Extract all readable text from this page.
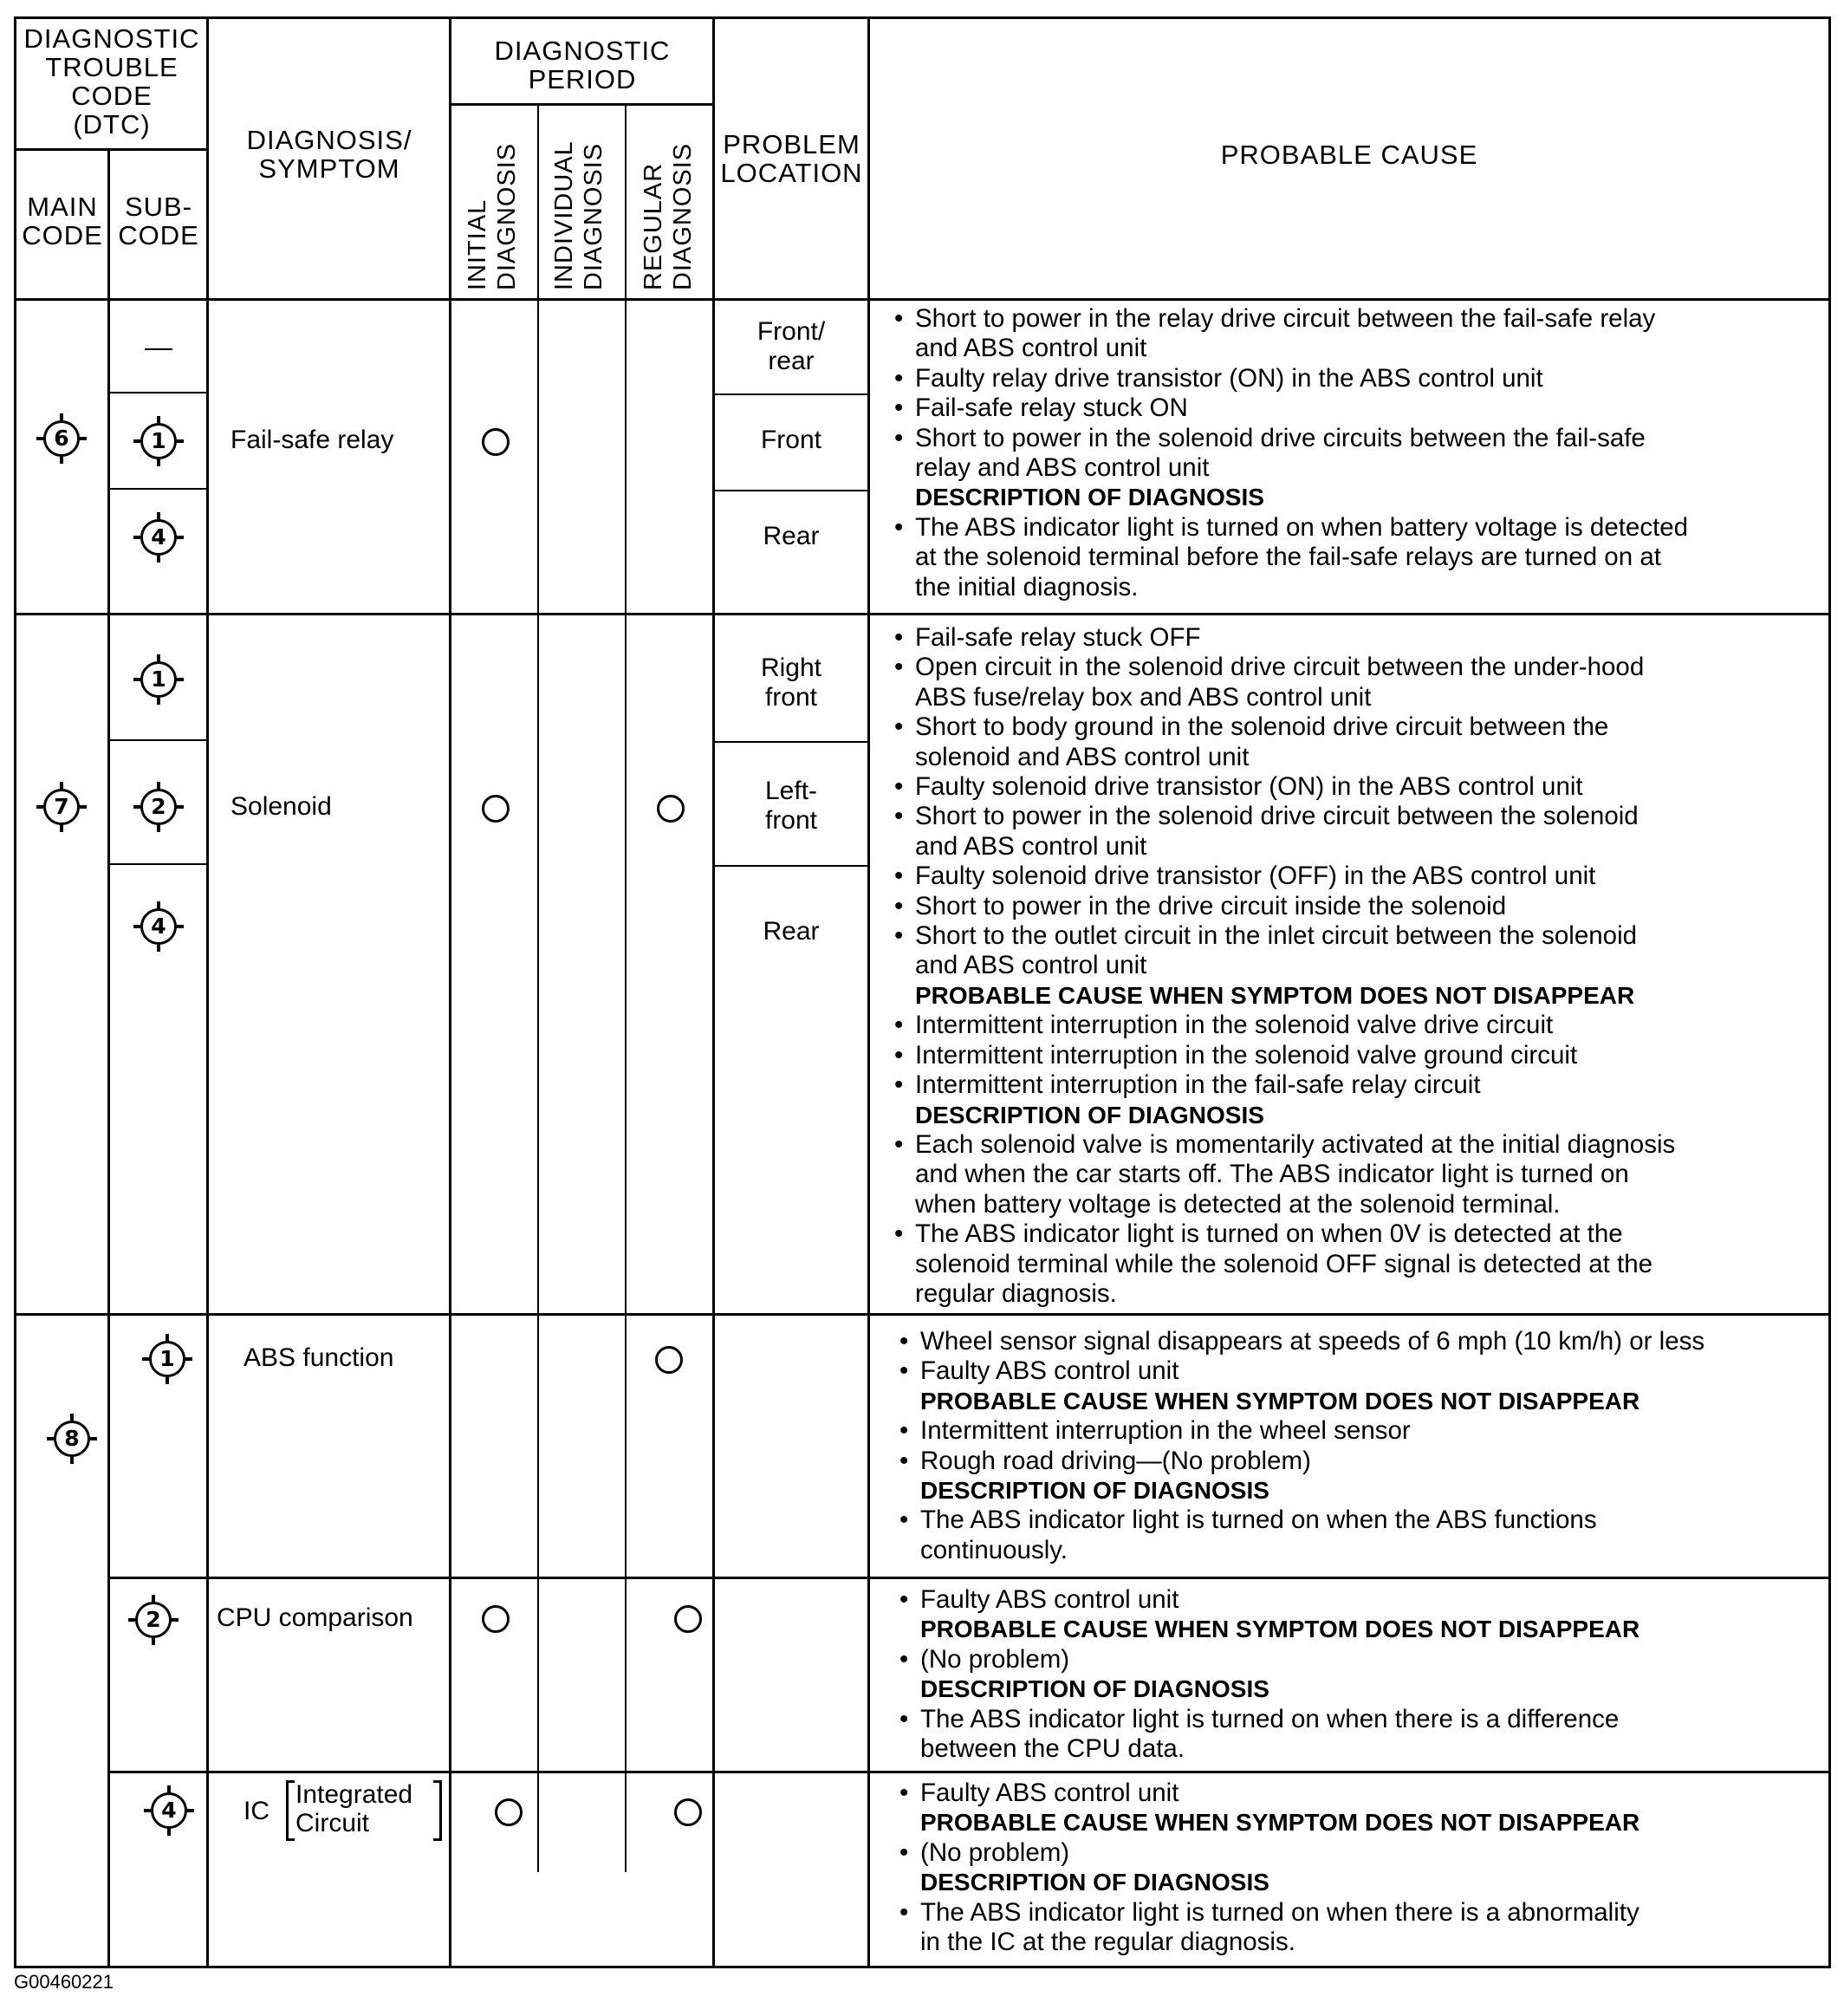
DIAGNOSTIC
TROUBLE
CODE
(DTC)
MAIN
CODE
SUB-
CODE
DIAGNOSIS/
SYMPTOM
DIAGNOSTIC
PERIOD
INITIAL DIAGNOSIS INDIVIDUAL DIAGNOSIS REGULAR DIAGNOSIS PROBLEM
LOCATION
PROBABLE CAUSE
6
7
8
—
1
4
1
2
4
1
2
4
Fail-safe relay
Solenoid
ABS function
CPU comparison
IC
Integrated
Circuit
Front/
rear
Front
Rear
Right
front
Left-
front
Rear
• Short to power in the relay drive circuit between the fail-safe relay
and ABS control unit
• Faulty relay drive transistor (ON) in the ABS control unit
• Fail-safe relay stuck ON
• Short to power in the solenoid drive circuits between the fail-safe
relay and ABS control unit
DESCRIPTION OF DIAGNOSIS
• The ABS indicator light is turned on when battery voltage is detected
at the solenoid terminal before the fail-safe relays are turned on at
the initial diagnosis.
• Fail-safe relay stuck OFF
• Open circuit in the solenoid drive circuit between the under-hood
ABS fuse/relay box and ABS control unit
• Short to body ground in the solenoid drive circuit between the
solenoid and ABS control unit
• Faulty solenoid drive transistor (ON) in the ABS control unit
• Short to power in the solenoid drive circuit between the solenoid
and ABS control unit
• Faulty solenoid drive transistor (OFF) in the ABS control unit
• Short to power in the drive circuit inside the solenoid
• Short to the outlet circuit in the inlet circuit between the solenoid
and ABS control unit
PROBABLE CAUSE WHEN SYMPTOM DOES NOT DISAPPEAR
• Intermittent interruption in the solenoid valve drive circuit
• Intermittent interruption in the solenoid valve ground circuit
• Intermittent interruption in the fail-safe relay circuit
DESCRIPTION OF DIAGNOSIS
• Each solenoid valve is momentarily activated at the initial diagnosis
and when the car starts off. The ABS indicator light is turned on
when battery voltage is detected at the solenoid terminal.
• The ABS indicator light is turned on when 0V is detected at the
solenoid terminal while the solenoid OFF signal is detected at the
regular diagnosis.
• Wheel sensor signal disappears at speeds of 6 mph (10 km/h) or less
• Faulty ABS control unit
PROBABLE CAUSE WHEN SYMPTOM DOES NOT DISAPPEAR
• Intermittent interruption in the wheel sensor
• Rough road driving—(No problem)
DESCRIPTION OF DIAGNOSIS
• The ABS indicator light is turned on when the ABS functions
continuously.
• Faulty ABS control unit
PROBABLE CAUSE WHEN SYMPTOM DOES NOT DISAPPEAR
• (No problem)
DESCRIPTION OF DIAGNOSIS
• The ABS indicator light is turned on when there is a difference
between the CPU data.
• Faulty ABS control unit
PROBABLE CAUSE WHEN SYMPTOM DOES NOT DISAPPEAR
• (No problem)
DESCRIPTION OF DIAGNOSIS
• The ABS indicator light is turned on when there is a abnormality
in the IC at the regular diagnosis.
G00460221
